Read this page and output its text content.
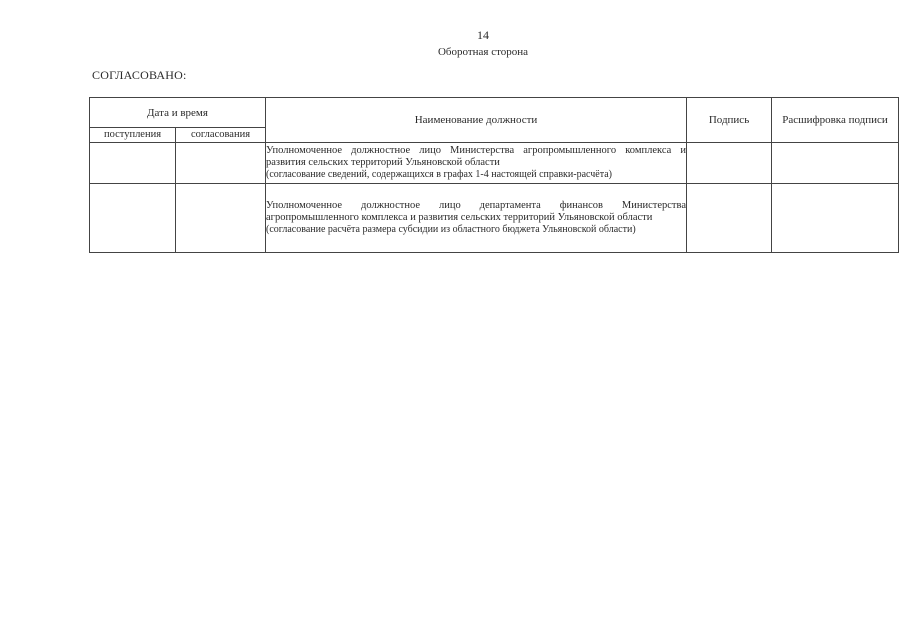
14
Оборотная сторона
СОГЛАСОВАНО:
Дата и время		Наименование должности	Подпись	Расшифровка подписи
поступления	согласования			

		Уполномоченное должностное лицо Министерства агропромышленного комплекса и развития сельских территорий Ульяновской области
(согласование сведений, содержащихся в графах 1-4 настоящей справки-расчёта)		

		Уполномоченное должностное лицо департамента финансов Министерства агропромышленного комплекса и развития сельских территорий Ульяновской области
(согласование расчёта размера субсидии из областного бюджета Ульяновской области)		
